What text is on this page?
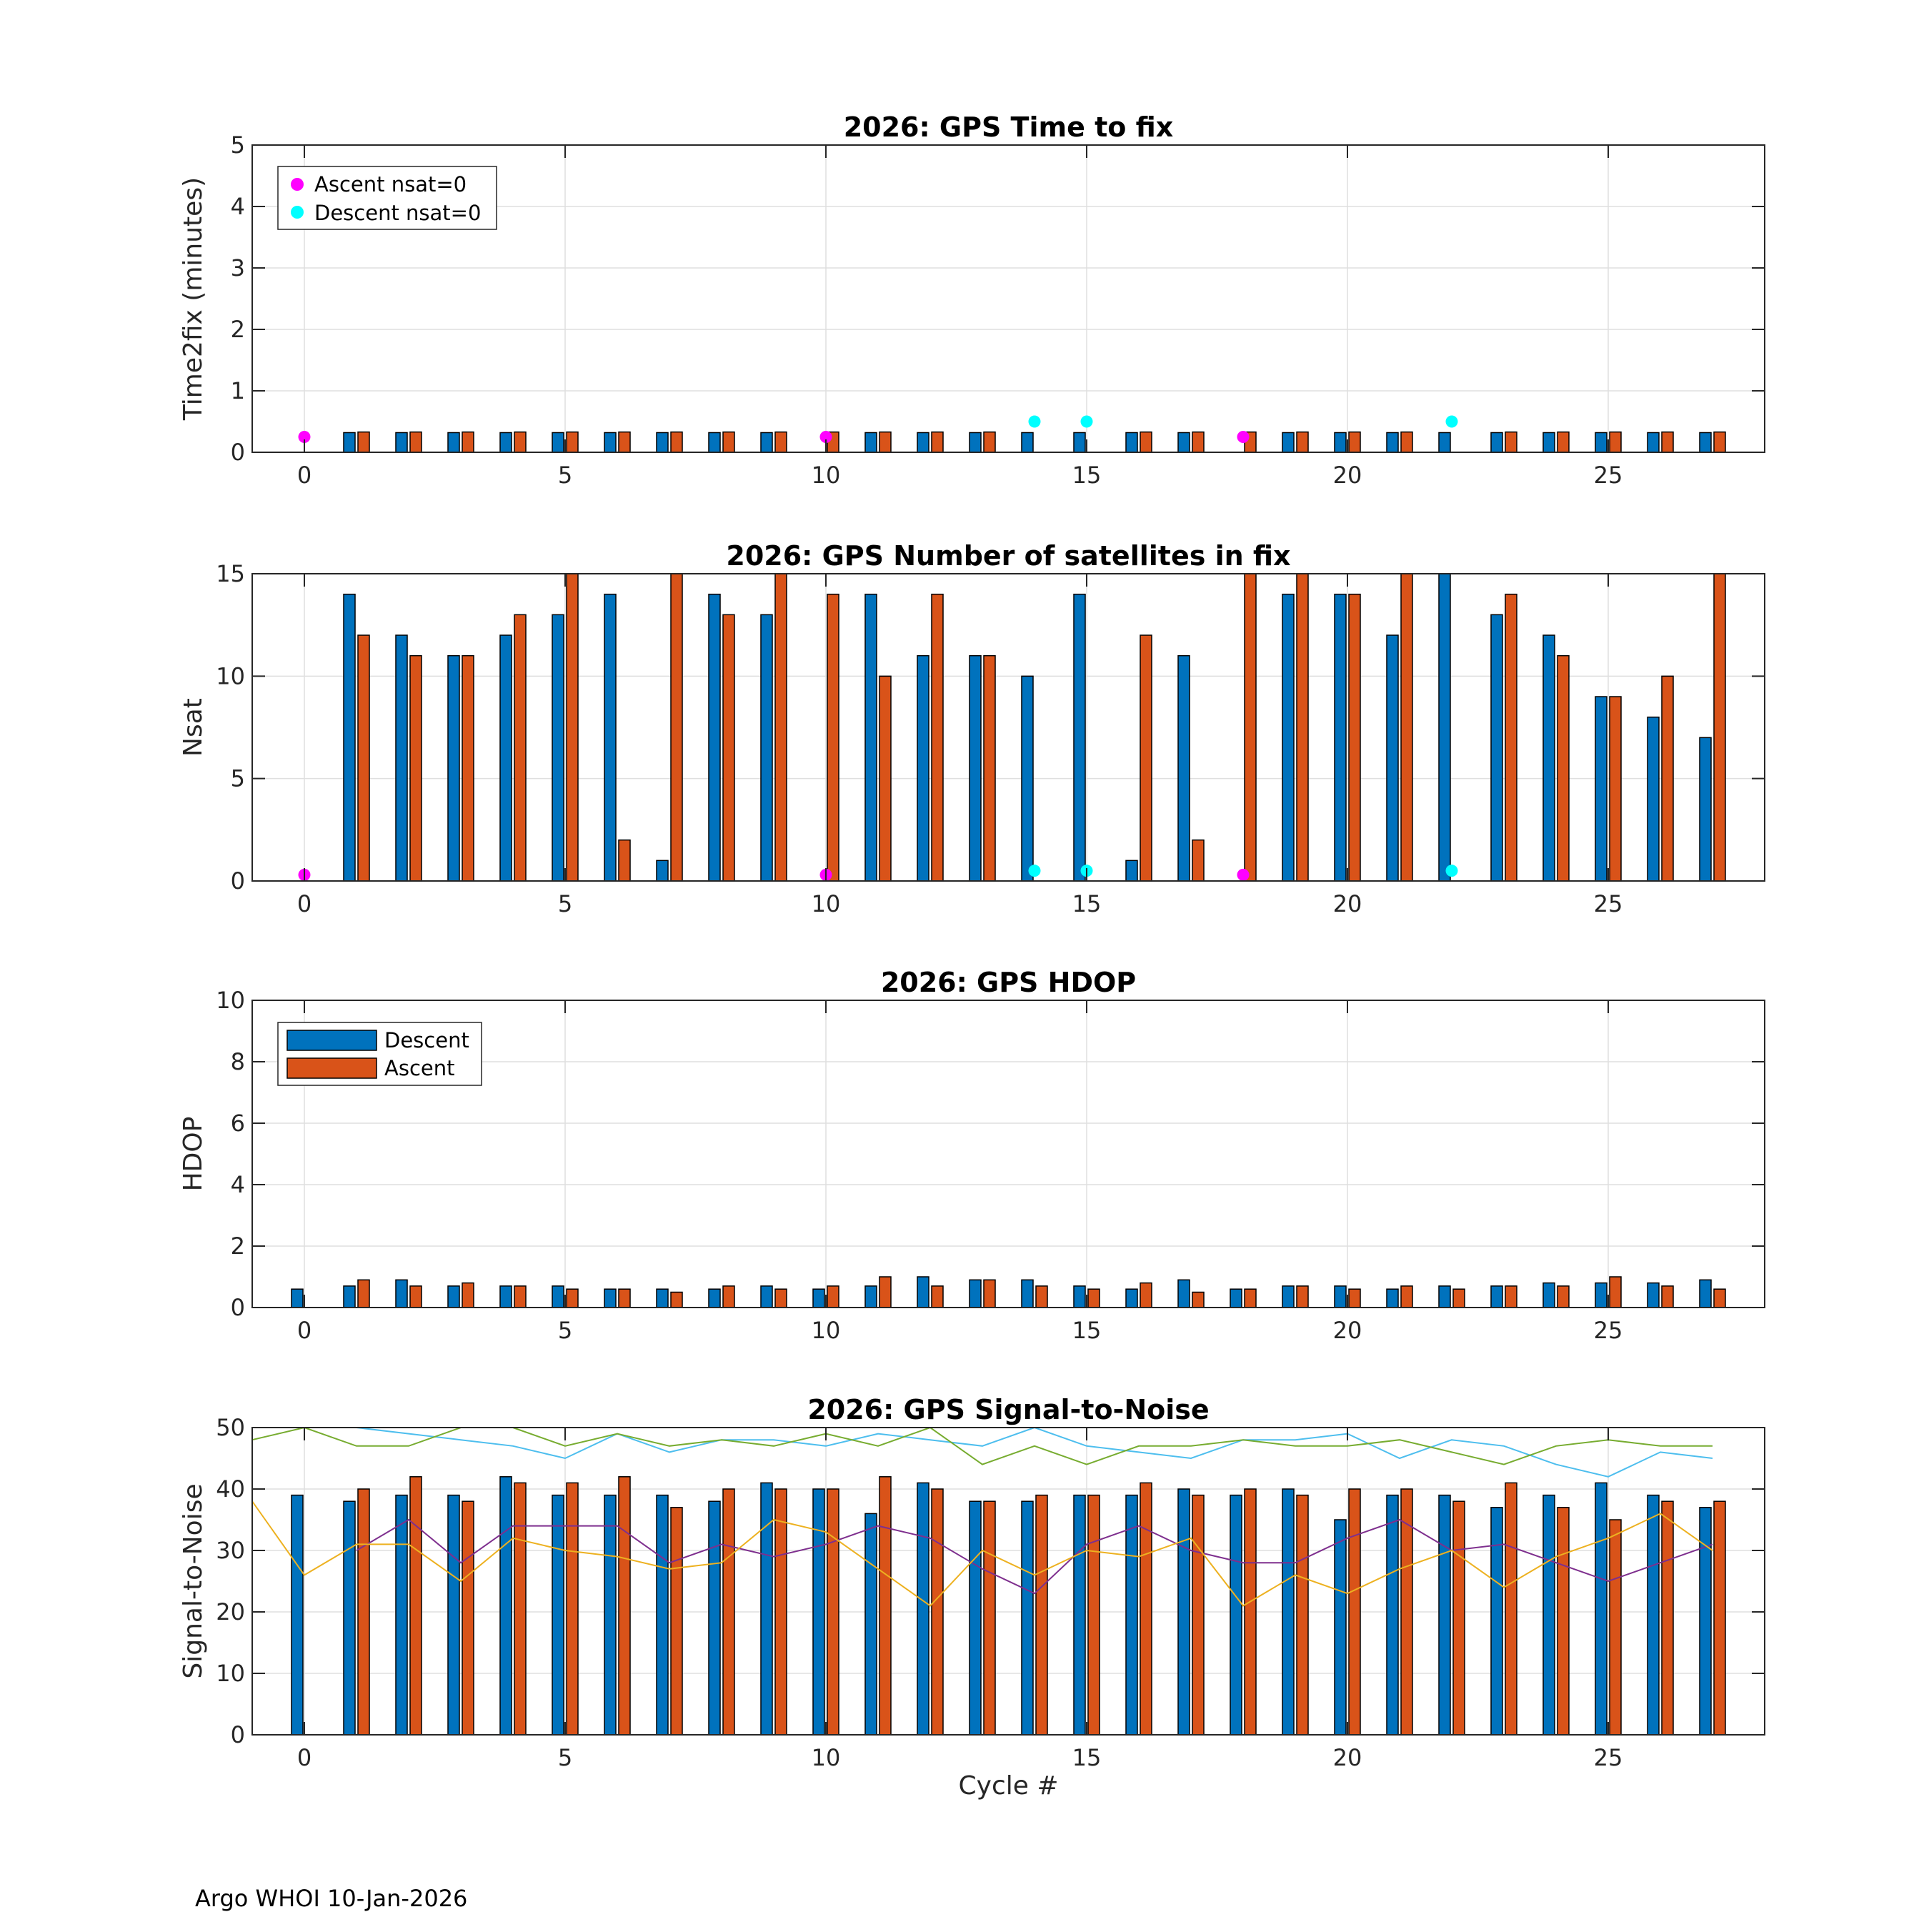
0	5	10	15	20	25
0
1
2
3
4
5
2026: GPS Time to fix
Time2fix (minutes)	Ascent nsat=0
Descent nsat=0
0	5	10	15	20	25
0
5
10
15
2026: GPS Number of satellites in fix
Nsat
0	5	10	15	20	25
0
2
4
6
8
10
2026: GPS HDOP
HDOP
Descent
Ascent
0	5	10	15	20	25
0
10
20
30
40
50
2026: GPS Signal-to-Noise
Signal-to-Noise
Cycle #
Argo WHOI 10-Jan-2026
